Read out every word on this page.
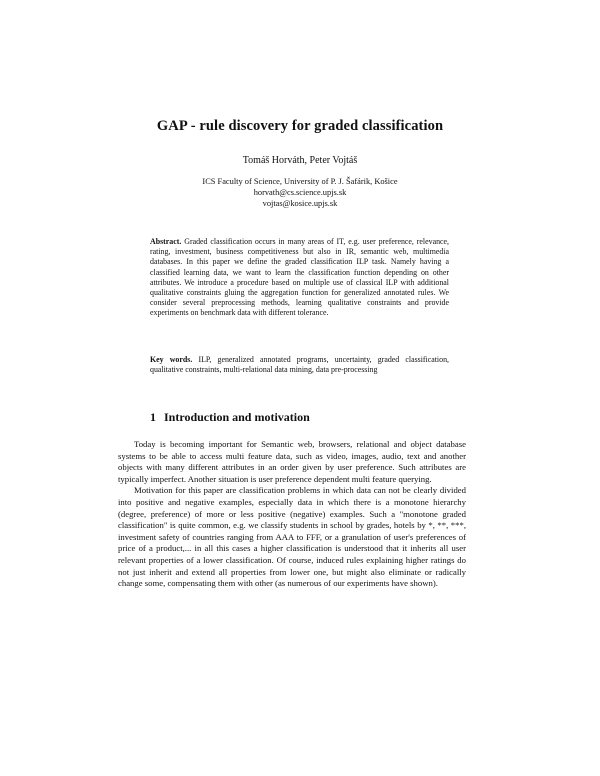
GAP - rule discovery for graded classification
Tomáš Horváth, Peter Vojtáš
ICS Faculty of Science, University of P. J. Šafárik, Košice
horvath@cs.science.upjs.sk
vojtas@kosice.upjs.sk
Abstract. Graded classification occurs in many areas of IT, e.g. user preference, relevance, rating, investment, business competitiveness but also in IR, semantic web, multimedia databases. In this paper we define the graded classification ILP task. Namely having a classified learning data, we want to learn the classification function depending on other attributes. We introduce a procedure based on multiple use of classical ILP with additional qualitative constraints gluing the aggregation function for generalized annotated rules. We consider several preprocessing methods, learning qualitative constraints and provide experiments on benchmark data with different tolerance.
Key words. ILP, generalized annotated programs, uncertainty, graded classification, qualitative constraints, multi-relational data mining, data pre-processing
1 Introduction and motivation

Today is becoming important for Semantic web, browsers, relational and object database systems to be able to access multi feature data, such as video, images, audio, text and another objects with many different attributes in an order given by user preference. Such attributes are typically imperfect. Another situation is user preference dependent multi feature querying.

Motivation for this paper are classification problems in which data can not be clearly divided into positive and negative examples, especially data in which there is a monotone hierarchy (degree, preference) of more or less positive (negative) examples. Such a "monotone graded classification" is quite common, e.g. we classify students in school by grades, hotels by *, **, ***, investment safety of countries ranging from AAA to FFF, or a granulation of user's preferences of price of a product,... in all this cases a higher classification is understood that it inherits all user relevant properties of a lower classification. Of course, induced rules explaining higher ratings do not just inherit and extend all properties from lower one, but might also eliminate or radically change some, compensating them with other (as numerous of our experiments have shown).
